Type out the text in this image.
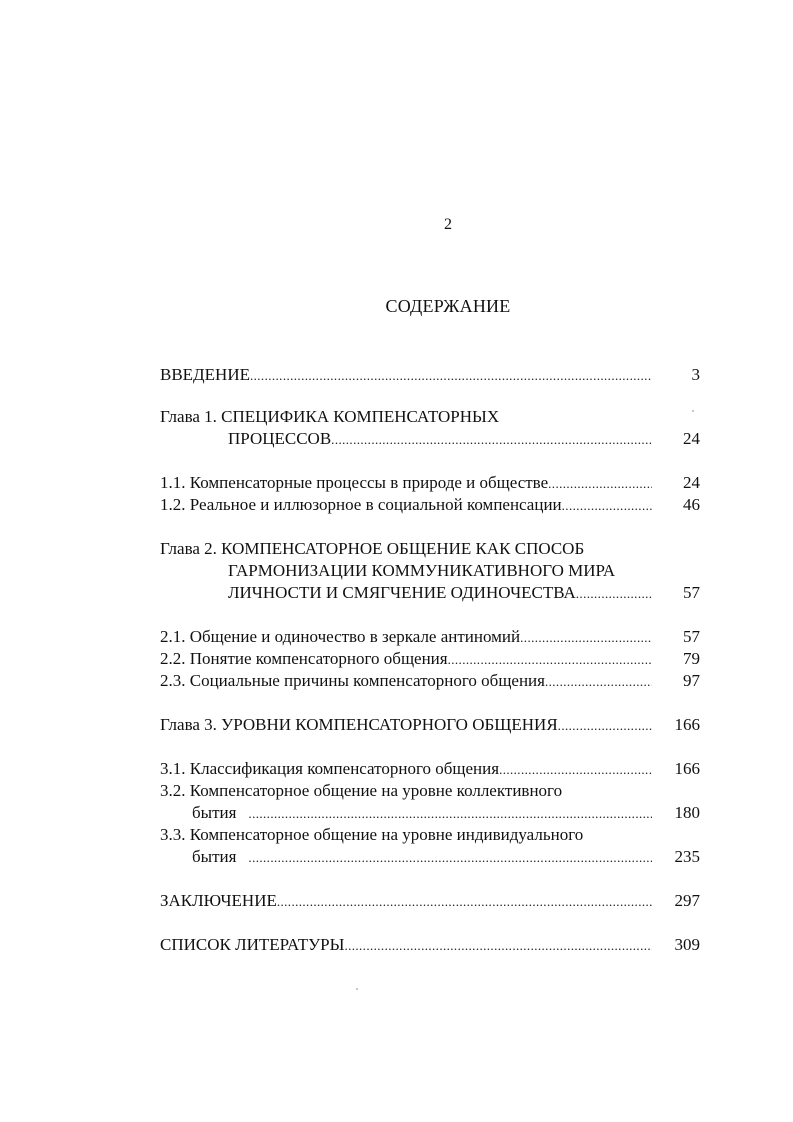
2
СОДЕРЖАНИЕ
ВВЕДЕНИЕ .....	3
Глава 1. СПЕЦИФИКА КОМПЕНСАТОРНЫХ
ПРОЦЕССОВ .....	24
1.1. Компенсаторные процессы в природе и обществе .....	24
1.2. Реальное и иллюзорное в социальной компенсации .....	46
Глава 2. КОМПЕНСАТОРНОЕ ОБЩЕНИЕ КАК СПОСОБ
ГАРМОНИЗАЦИИ КОММУНИКАТИВНОГО МИРА
ЛИЧНОСТИ И СМЯГЧЕНИЕ ОДИНОЧЕСТВА .....	57
2.1. Общение и одиночество в зеркале антиномий .....	57
2.2. Понятие компенсаторного общения .....	79
2.3. Социальные причины компенсаторного общения .....	97
Глава 3. УРОВНИ КОМПЕНСАТОРНОГО ОБЩЕНИЯ .....	166
3.1. Классификация компенсаторного общения .....	166
3.2. Компенсаторное общение на уровне коллективного
бытия .....	180
3.3. Компенсаторное общение на уровне индивидуального
бытия .....	235
ЗАКЛЮЧЕНИЕ .....	297
СПИСОК ЛИТЕРАТУРЫ .....	309
